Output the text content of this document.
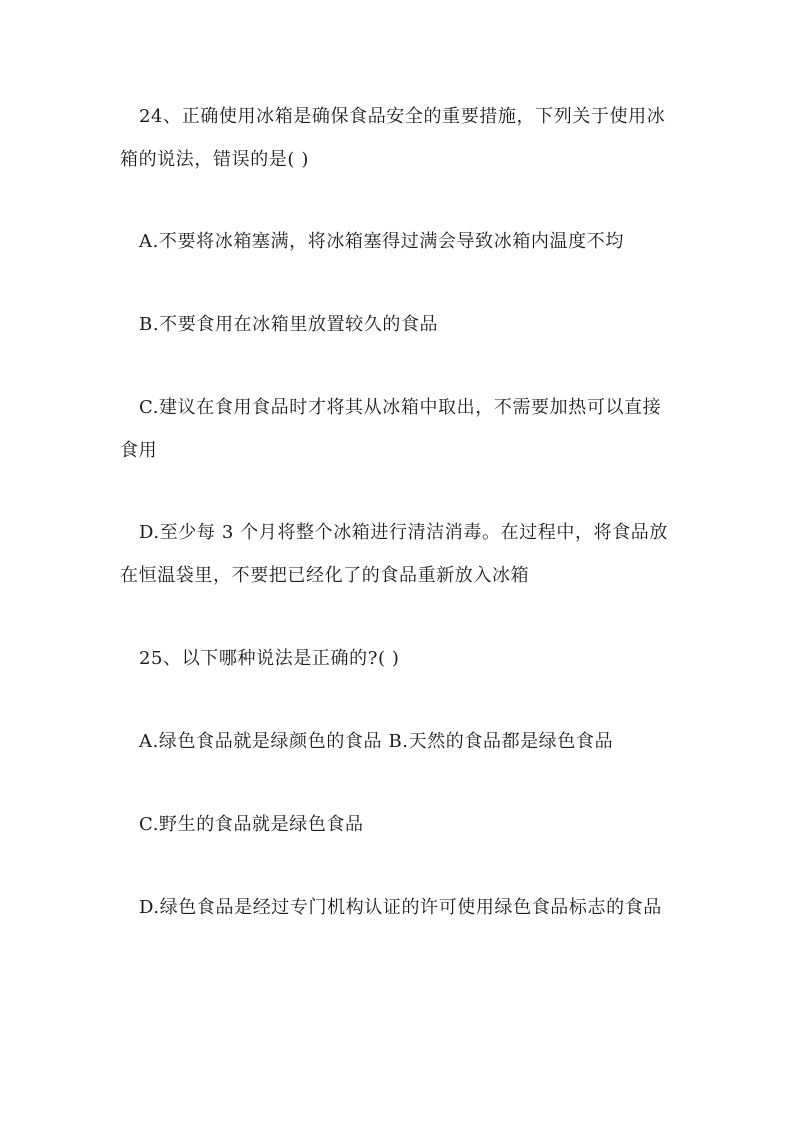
24、正确使用冰箱是确保食品安全的重要措施，下列关于使用冰
箱的说法，错误的是( )
A.不要将冰箱塞满，将冰箱塞得过满会导致冰箱内温度不均
B.不要食用在冰箱里放置较久的食品
C.建议在食用食品时才将其从冰箱中取出，不需要加热可以直接
食用
D.至少每 3 个月将整个冰箱进行清洁消毒。在过程中，将食品放
在恒温袋里，不要把已经化了的食品重新放入冰箱
25、以下哪种说法是正确的?( )
A.绿色食品就是绿颜色的食品 B.天然的食品都是绿色食品
C.野生的食品就是绿色食品
D.绿色食品是经过专门机构认证的许可使用绿色食品标志的食品
